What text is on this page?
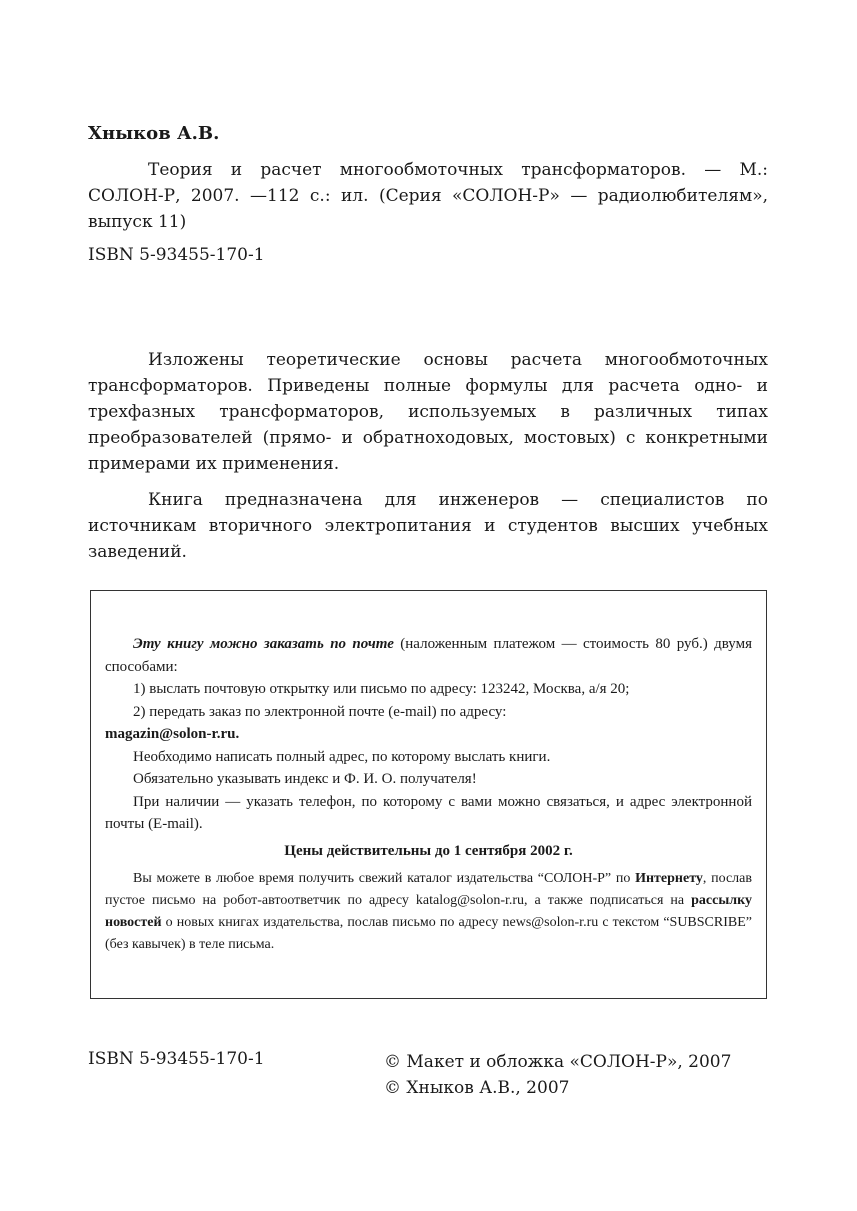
Хныков А.В.

Теория и расчет многообмоточных трансформаторов. — М.: СОЛОН-Р, 2007. —112 с.: ил. (Серия «СОЛОН-Р» — радиолюбителям», выпуск 11)

ISBN 5-93455-170-1

Изложены теоретические основы расчета многообмоточных трансформаторов. Приведены полные формулы для расчета одно- и трехфазных трансформаторов, используемых в различных типах преобразователей (прямо- и обратноходовых, мостовых) с конкретными примерами их применения.

Книга предназначена для инженеров — специалистов по источникам вторичного электропитания и студентов высших учебных заведений.

Эту книгу можно заказать по почте (наложенным платежом — стоимость 80 руб.) двумя способами:

1) выслать почтовую открытку или письмо по адресу: 123242, Москва, а/я 20;

2) передать заказ по электронной почте (e-mail) по адресу:

magazin@solon-r.ru.

Необходимо написать полный адрес, по которому выслать книги.

Обязательно указывать индекс и Ф. И. О. получателя!

При наличии — указать телефон, по которому с вами можно связаться, и адрес электронной почты (E-mail).

Цены действительны до 1 сентября 2002 г.

Вы можете в любое время получить свежий каталог издательства “СОЛОН-Р” по Интернету, послав пустое письмо на робот-автоответчик по адресу katalog@solon-r.ru, а также подписаться на рассылку новостей о новых книгах издательства, послав письмо по адресу news@solon-r.ru с текстом “SUBSCRIBE” (без кавычек) в теле письма.

ISBN 5-93455-170-1	© Макет и обложка «СОЛОН-Р», 2007
© Хныков А.В., 2007
